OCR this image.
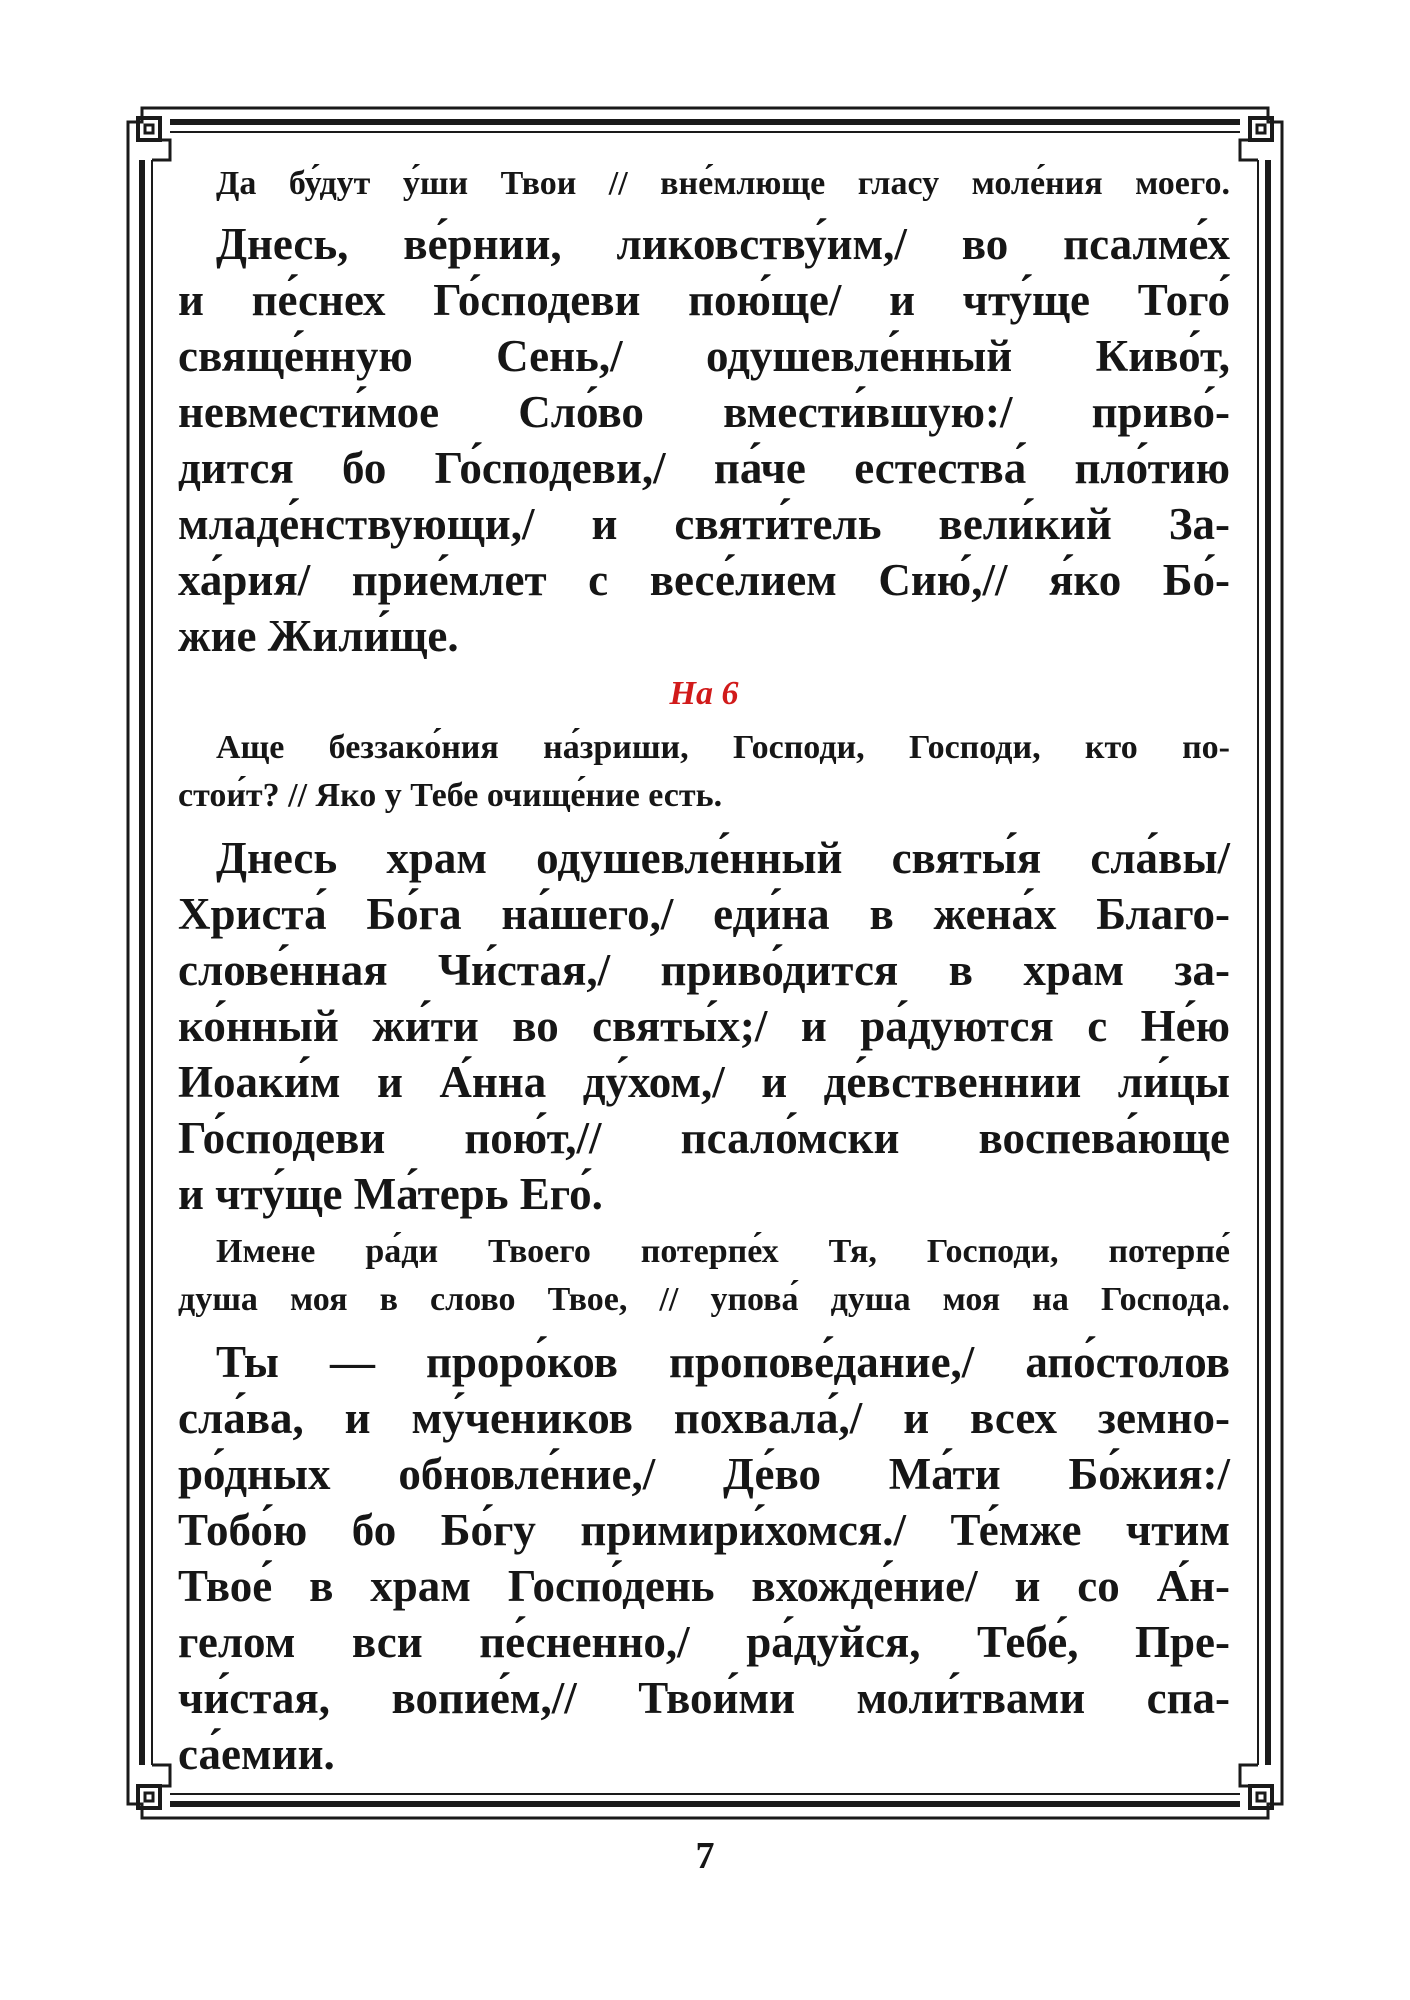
Да бу́дут у́ши Твои // вне́млюще гласу моле́ния моего.
Днесь, ве́рнии, ликовству́им,/ во псалме́х
и пе́снех Го́сподеви пою́ще/ и чту́ще Того́
свяще́нную Сень,/ одушевле́нный Киво́т,
невмести́мое Сло́во вмести́вшую:/ приво́-
дится бо Го́сподеви,/ па́че естества́ пло́тию
младе́нствующи,/ и святи́тель вели́кий За-
ха́рия/ прие́млет с весе́лием Сию́,// я́ко Бо́-
жие Жили́ще.
На 6
Аще беззако́ния на́зриши, Господи, Господи, кто по-
стои́т? // Яко у Тебе очище́ние есть.
Днесь храм одушевле́нный святы́я сла́вы/
Христа́ Бо́га на́шего,/ еди́на в жена́х Благо-
слове́нная Чи́стая,/ приво́дится в храм за-
ко́нный жи́ти во святы́х;/ и ра́дуются с Не́ю
Иоаки́м и А́нна ду́хом,/ и де́вственнии ли́цы
Го́сподеви пою́т,// псало́мски воспева́юще
и чту́ще Ма́терь Его́.
Имене ра́ди Твоего потерпе́х Тя, Господи, потерпе́
душа моя в слово Твое, // упова́ душа моя на Господа.
Ты — проро́ков пропове́дание,/ апо́столов
сла́ва, и му́чеников похвала́,/ и всех земно-
ро́дных обновле́ние,/ Де́во Ма́ти Бо́жия:/
Тобо́ю бо Бо́гу примири́хомся./ Те́мже чтим
Твое́ в храм Госпо́день вхожде́ние/ и со А́н-
гелом вси пе́сненно,/ ра́дуйся, Тебе́, Пре-
чи́стая, вопие́м,// Твои́ми моли́твами спа-
са́емии.
7
